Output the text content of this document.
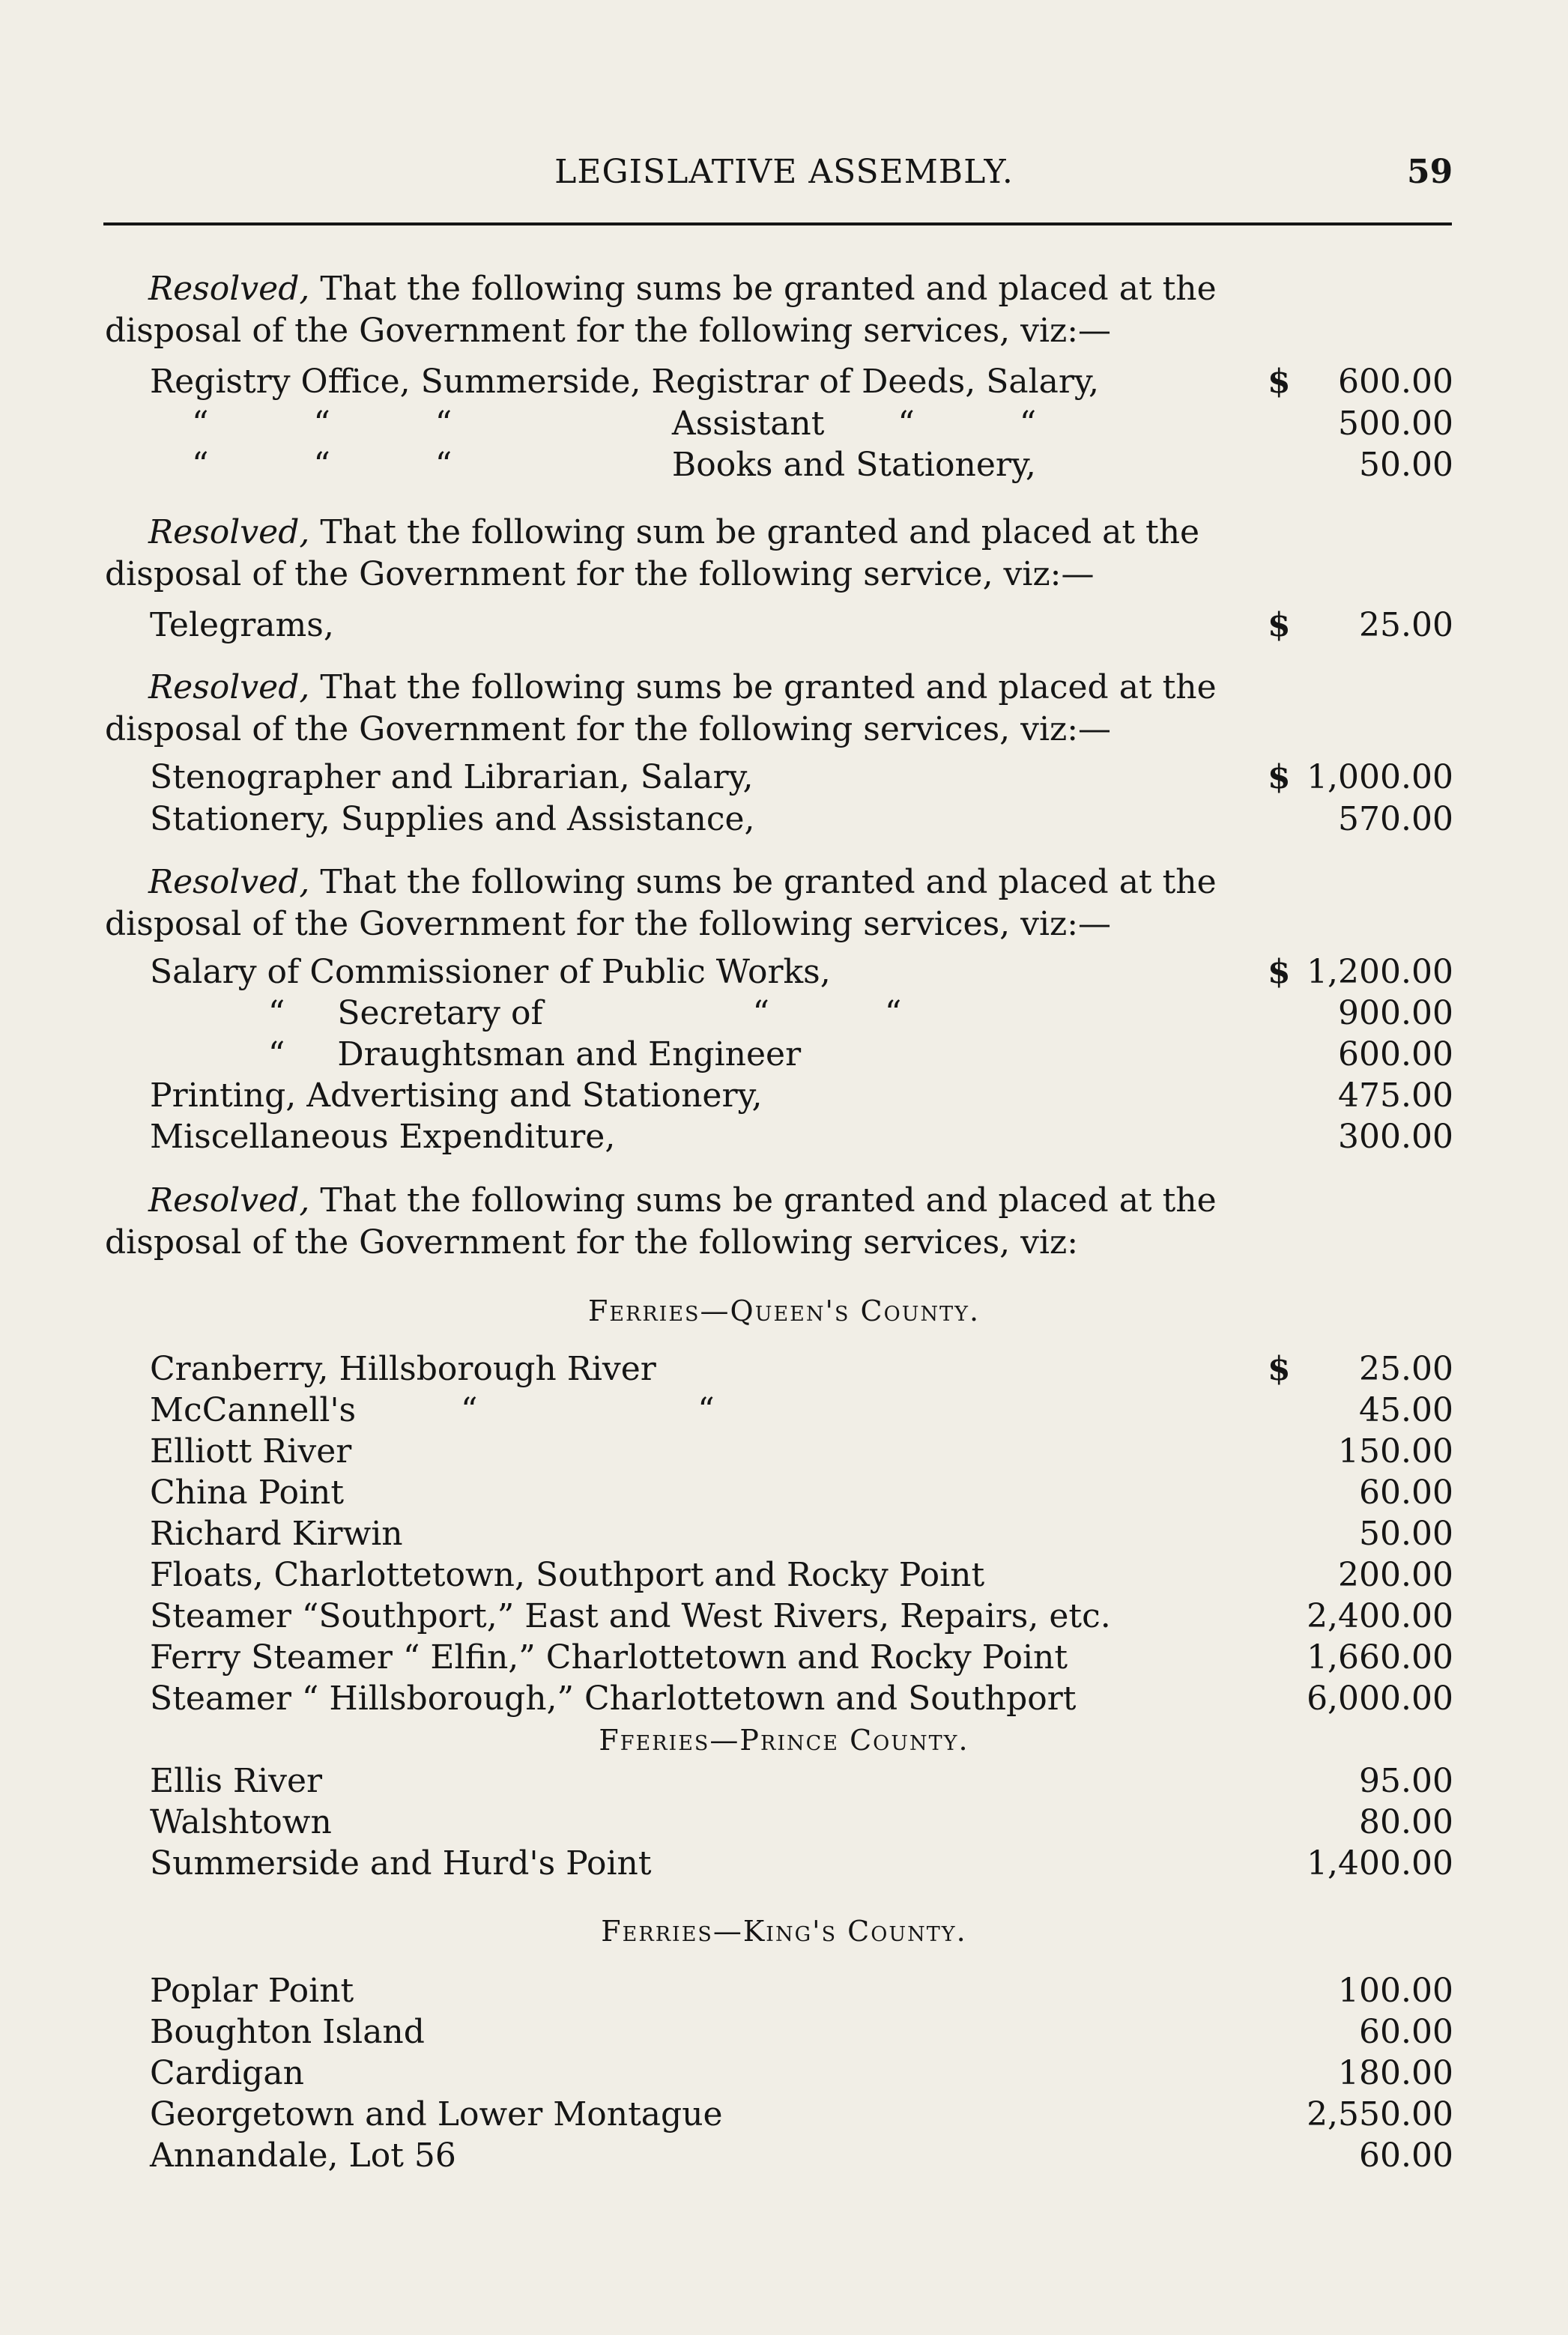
LEGISLATIVE ASSEMBLY.	59
Resolved, That the following sums be granted and placed at the
disposal of the Government for the following services, viz:—
Registry Office, Summerside, Registrar of Deeds, Salary,	$ 600.00
“          “          “                     Assistant       “          “	500.00
“          “          “                     Books and Stationery,	50.00
Resolved, That the following sum be granted and placed at the
disposal of the Government for the following service, viz:—
Telegrams,	$ 25.00
Resolved, That the following sums be granted and placed at the
disposal of the Government for the following services, viz:—
Stenographer and Librarian, Salary,	$ 1,000.00
Stationery, Supplies and Assistance,	570.00
Resolved, That the following sums be granted and placed at the
disposal of the Government for the following services, viz:—
Salary of Commissioner of Public Works,	$ 1,200.00
“     Secretary of                    “           “	900.00
“     Draughtsman and Engineer	600.00
Printing, Advertising and Stationery,	475.00
Miscellaneous Expenditure,	300.00
Resolved, That the following sums be granted and placed at the
disposal of the Government for the following services, viz:
Ferries—Queen's County.
Cranberry, Hillsborough River	$ 25.00
McCannell's          “                     “	45.00
Elliott River	150.00
China Point	60.00
Richard Kirwin	50.00
Floats, Charlottetown, Southport and Rocky Point	200.00
Steamer “Southport,” East and West Rivers, Repairs, etc.	2,400.00
Ferry Steamer “ Elfin,” Charlottetown and Rocky Point	1,660.00
Steamer “ Hillsborough,” Charlottetown and Southport	6,000.00
Fferies—Prince County.
Ellis River	95.00
Walshtown	80.00
Summerside and Hurd's Point	1,400.00
Ferries—King's County.
Poplar Point	100.00
Boughton Island	60.00
Cardigan	180.00
Georgetown and Lower Montague	2,550.00
Annandale, Lot 56	60.00
